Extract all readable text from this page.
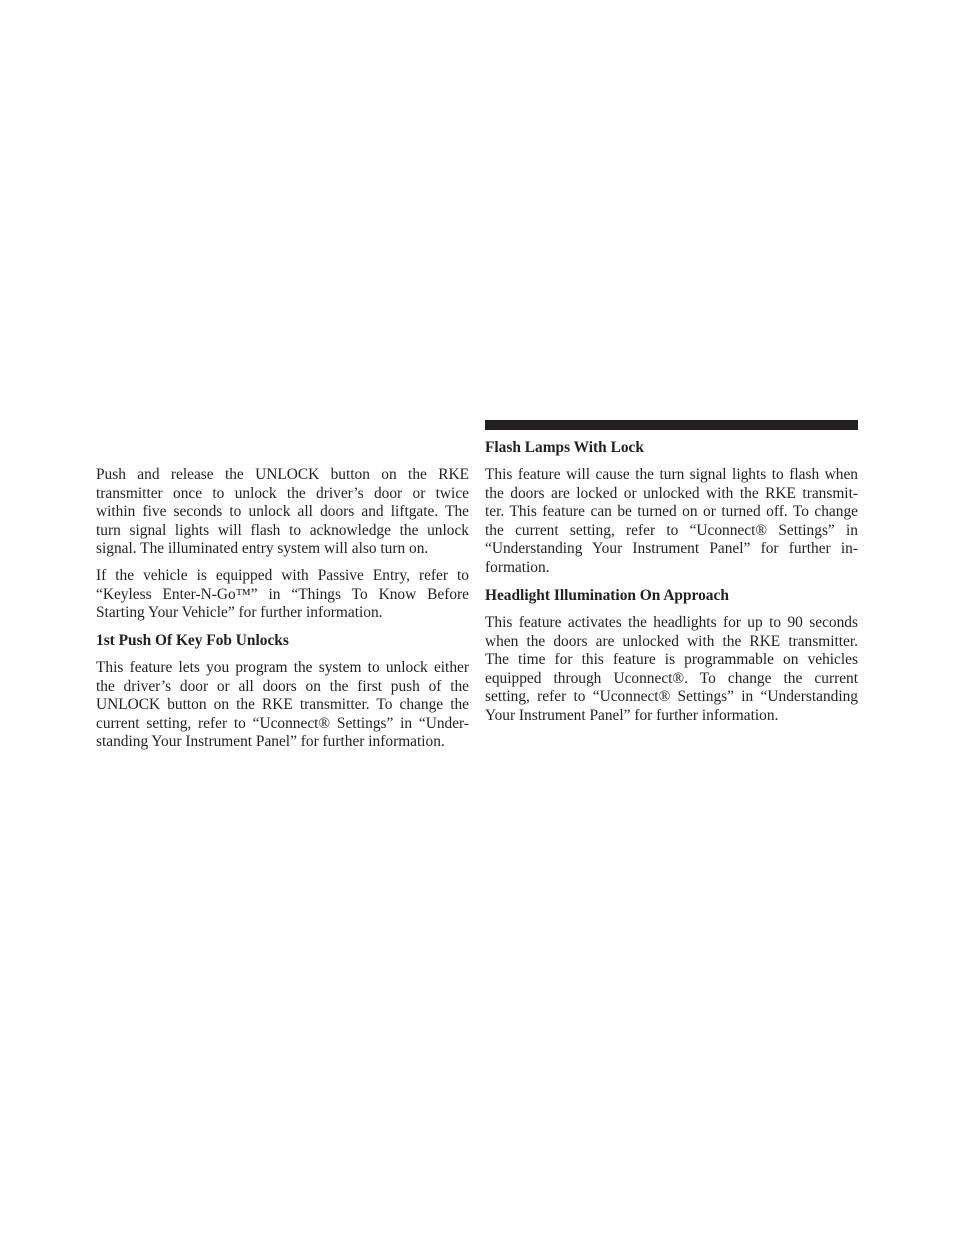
Push and release the UNLOCK button on the RKE
transmitter once to unlock the driver’s door or twice
within five seconds to unlock all doors and liftgate. The
turn signal lights will flash to acknowledge the unlock
signal. The illuminated entry system will also turn on.

If the vehicle is equipped with Passive Entry, refer to
“Keyless Enter-N-Go™” in “Things To Know Before
Starting Your Vehicle” for further information.

1st Push Of Key Fob Unlocks

This feature lets you program the system to unlock either
the driver’s door or all doors on the first push of the
UNLOCK button on the RKE transmitter. To change the
current setting, refer to “Uconnect® Settings” in “Under-
standing Your Instrument Panel” for further information.

Flash Lamps With Lock

This feature will cause the turn signal lights to flash when
the doors are locked or unlocked with the RKE transmit-
ter. This feature can be turned on or turned off. To change
the current setting, refer to “Uconnect® Settings” in
“Understanding Your Instrument Panel” for further in-
formation.

Headlight Illumination On Approach

This feature activates the headlights for up to 90 seconds
when the doors are unlocked with the RKE transmitter.
The time for this feature is programmable on vehicles
equipped through Uconnect®. To change the current
setting, refer to “Uconnect® Settings” in “Understanding
Your Instrument Panel” for further information.
